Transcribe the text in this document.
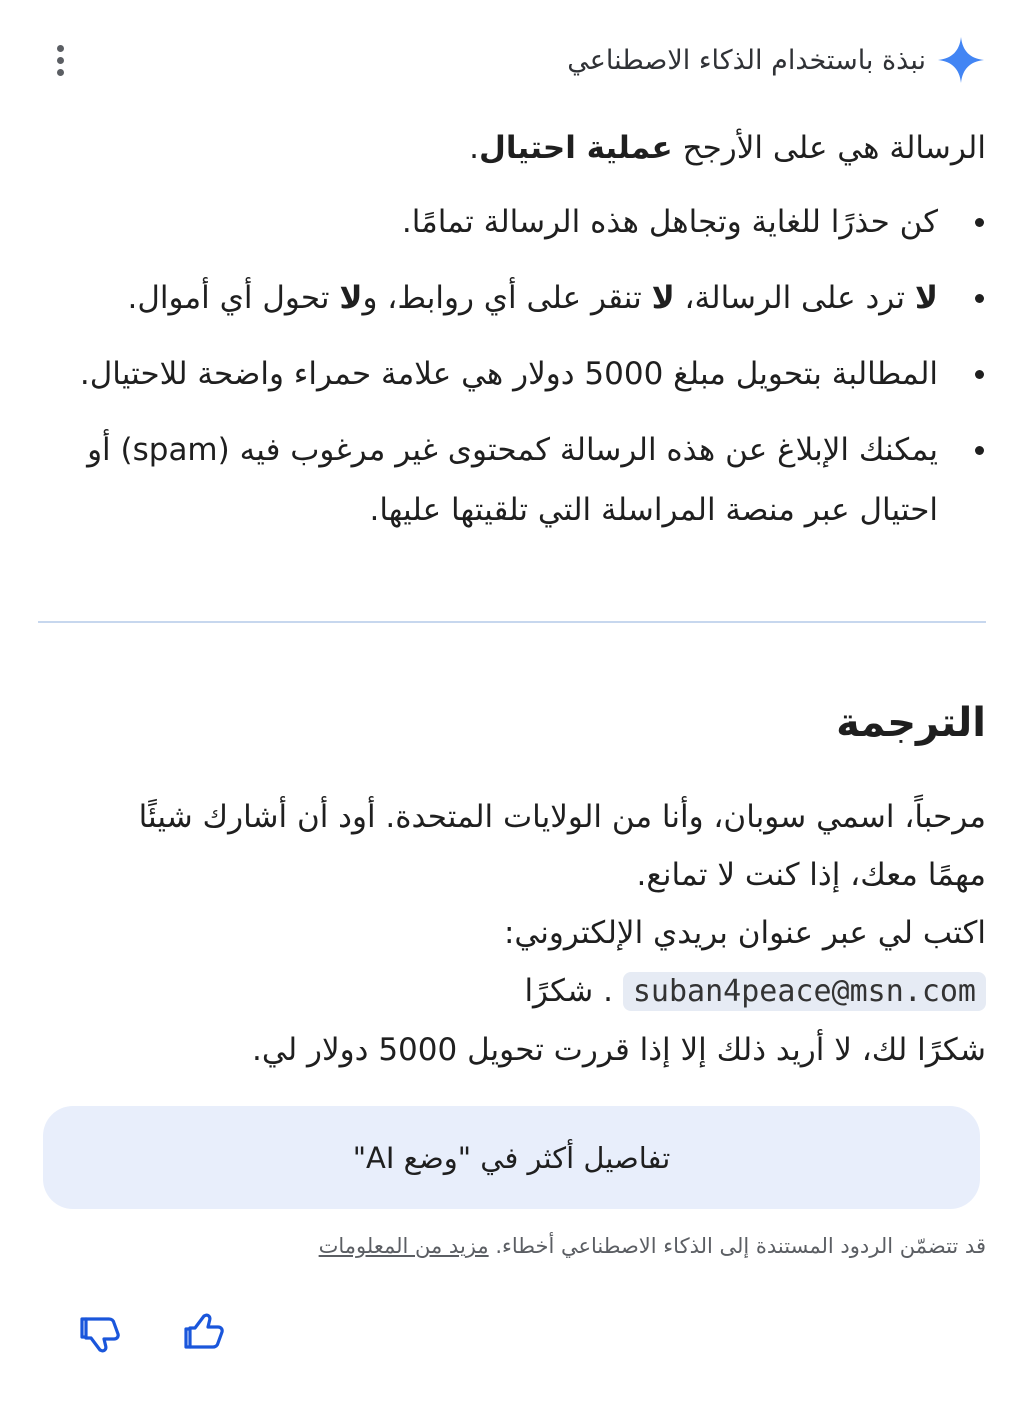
نبذة باستخدام الذكاء الاصطناعي

الرسالة هي على الأرجح عملية احتيال.

كن حذرًا للغاية وتجاهل هذه الرسالة تمامًا.
لا ترد على الرسالة، لا تنقر على أي روابط، ولا تحول أي أموال.
المطالبة بتحويل مبلغ 5000 دولار هي علامة حمراء واضحة للاحتيال.
يمكنك الإبلاغ عن هذه الرسالة كمحتوى غير مرغوب فيه (spam) أو
احتيال عبر منصة المراسلة التي تلقيتها عليها.
الترجمة

مرحباً، اسمي سوبان، وأنا من الولايات المتحدة. أود أن أشارك شيئًا

مهمًا معك، إذا كنت لا تمانع.

اكتب لي عبر عنوان بريدي الإلكتروني:

suban4peace@msn.com . شكرًا

شكرًا لك، لا أريد ذلك إلا إذا قررت تحويل 5000 دولار لي.

تفاصيل أكثر في "وضع AI"
قد تتضمّن الردود المستندة إلى الذكاء الاصطناعي أخطاء. مزيد من المعلومات
